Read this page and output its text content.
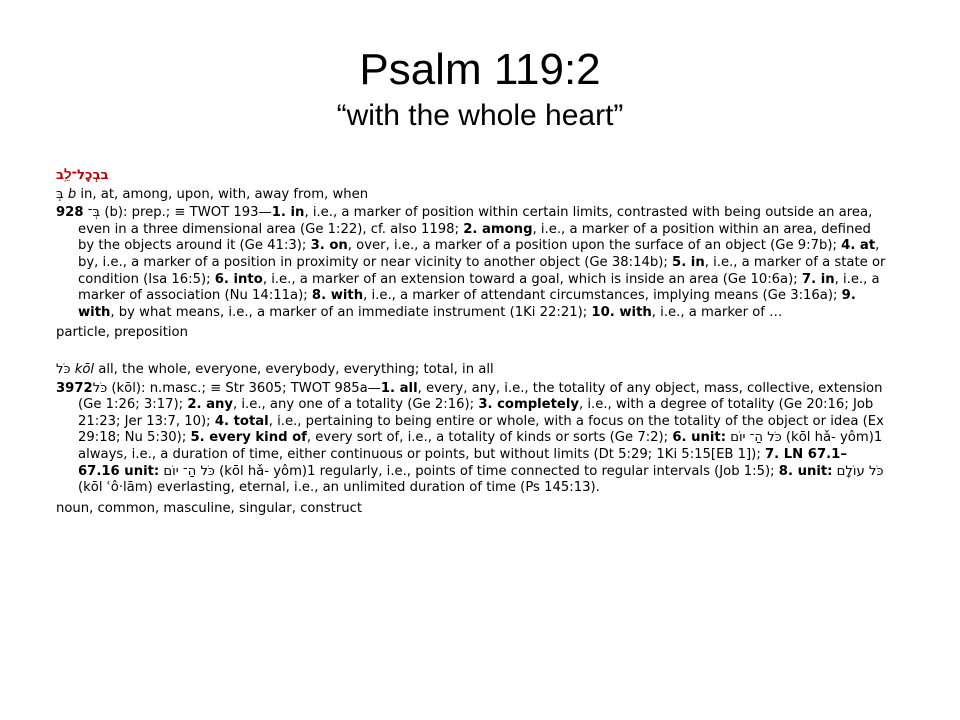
Psalm 119:2
“with the whole heart”
בבְכׇל־לֵ֥ב
בְּ b in, at, among, upon, with, away from, when
928 בְּ־ (b): prep.; ≡ TWOT 193—1. in, i.e., a marker of position within certain limits, contrasted with being outside an area, even in a three dimensional area (Ge 1:22), cf. also 1198; 2. among, i.e., a marker of a position within an area, defined by the objects around it (Ge 41:3); 3. on, over, i.e., a marker of a position upon the surface of an object (Ge 9:7b); 4. at, by, i.e., a marker of a position in proximity or near vicinity to another object (Ge 38:14b); 5. in, i.e., a marker of a state or condition (Isa 16:5); 6. into, i.e., a marker of an extension toward a goal, which is inside an area (Ge 10:6a); 7. in, i.e., a marker of association (Nu 14:11a); 8. with, i.e., a marker of attendant circumstances, implying means (Ge 3:16a); 9. with, by what means, i.e., a marker of an immediate instrument (1Ki 22:21); 10. with, i.e., a marker of …
particle, preposition
כֹּל kōl all, the whole, everyone, everybody, everything; total, in all
3972כֹּל (kōl): n.masc.; ≡ Str 3605; TWOT 985a—1. all, every, any, i.e., the totality of any object, mass, collective, extension (Ge 1:26; 3:17); 2. any, i.e., any one of a totality (Ge 2:16); 3. completely, i.e., with a degree of totality (Ge 20:16; Job 21:23; Jer 13:7, 10); 4. total, i.e., pertaining to being entire or whole, with a focus on the totality of the object or idea (Ex 29:18; Nu 5:30); 5. every kind of, every sort of, i.e., a totality of kinds or sorts (Ge 7:2); 6. unit: כֹּל הַ־ יוֹם (kōl hǎ- yôm)1 always, i.e., a duration of time, either continuous or points, but without limits (Dt 5:29; 1Ki 5:15[EB 1]); 7. LN 67.1–67.16 unit: כֹּל הַ־ יוֹם (kōl hǎ- yôm)1 regularly, i.e., points of time connected to regular intervals (Job 1:5); 8. unit: כֹּל עוֹלָם (kōl ʿô·lām) everlasting, eternal, i.e., an unlimited duration of time (Ps 145:13).
noun, common, masculine, singular, construct
